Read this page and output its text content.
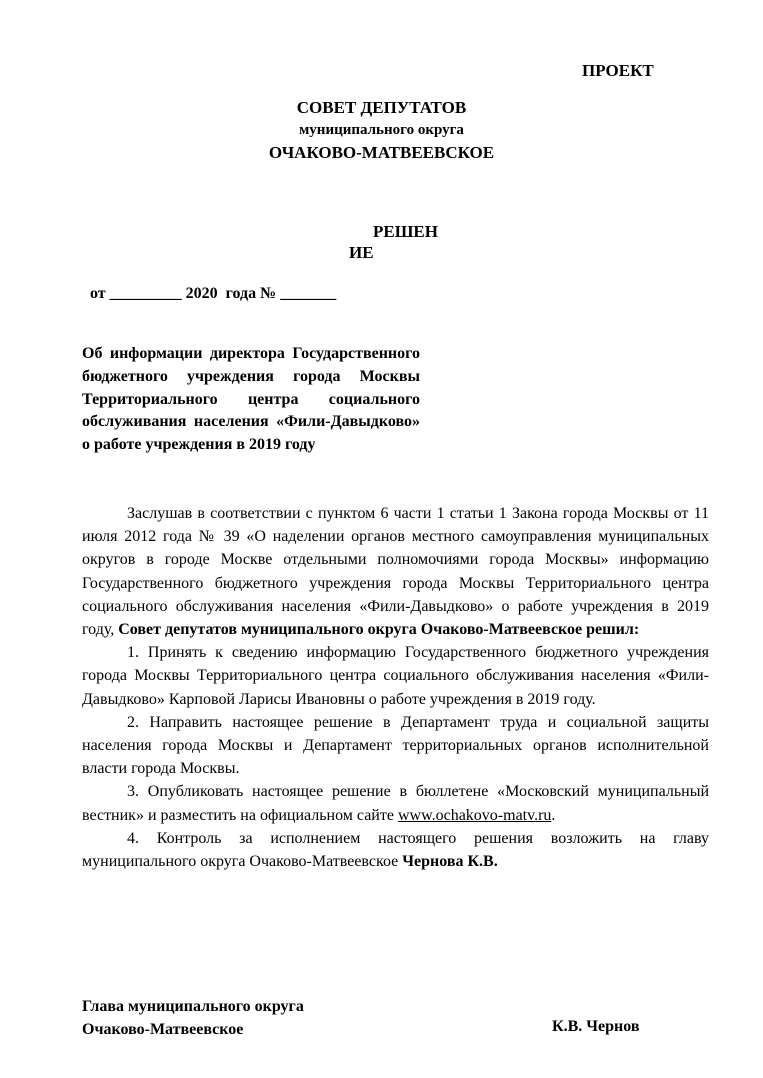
ПРОЕКТ
СОВЕТ ДЕПУТАТОВ
муниципального округа
ОЧАКОВО-МАТВЕЕВСКОЕ
РЕШЕН
ИЕ
от _________ 2020  года № _______
Об информации директора Государственного бюджетного учреждения города Москвы Территориального центра социального обслуживания населения «Фили-Давыдково» о работе учреждения в 2019 году

Заслушав в соответствии с пунктом 6 части 1 статьи 1 Закона города Москвы от 11 июля 2012 года № 39 «О наделении органов местного самоуправления муниципальных округов в городе Москве отдельными полномочиями города Москвы» информацию Государственного бюджетного учреждения города Москвы Территориального центра социального обслуживания населения «Фили-Давыдково» о работе учреждения в 2019 году, Совет депутатов муниципального округа Очаково-Матвеевское решил:

1. Принять к сведению информацию Государственного бюджетного учреждения города Москвы Территориального центра социального обслуживания населения «Фили-Давыдково» Карповой Ларисы Ивановны о работе учреждения в 2019 году.

2. Направить настоящее решение в Департамент труда и социальной защиты населения города Москвы и Департамент территориальных органов исполнительной власти города Москвы.

3. Опубликовать настоящее решение в бюллетене «Московский муниципальный вестник» и разместить на официальном сайте www.ochakovo-matv.ru.

4. Контроль за исполнением настоящего решения возложить на главу муниципального округа Очаково-Матвеевское Чернова К.В.

Глава муниципального округа
Очаково-Матвеевское	К.В. Чернов
